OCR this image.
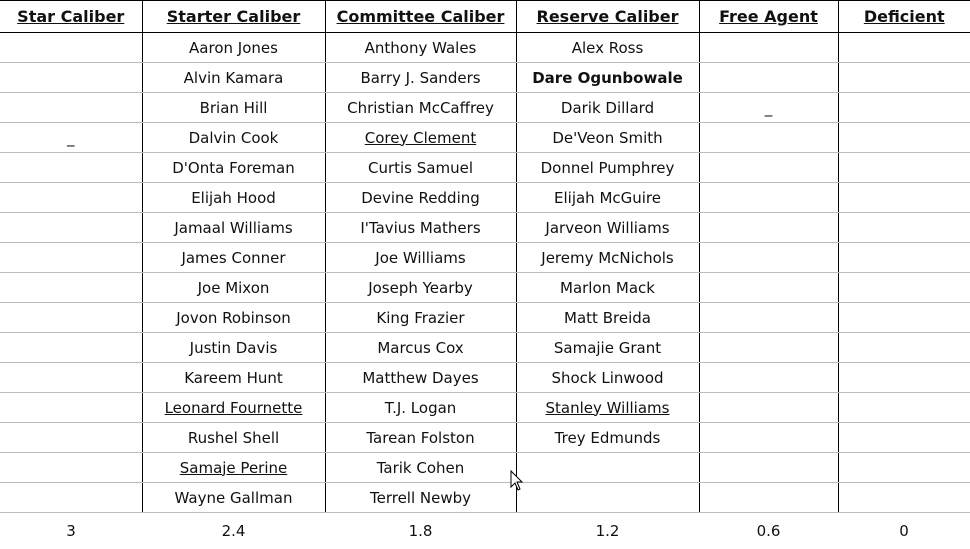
Star Caliber	Starter Caliber	Committee Caliber	Reserve Caliber	Free Agent	Deficient
	Aaron Jones	Anthony Wales	Alex Ross		
	Alvin Kamara	Barry J. Sanders	Dare Ogunbowale		
	Brian Hill	Christian McCaffrey	Darik Dillard	_	
_	Dalvin Cook	Corey Clement	De'Veon Smith		
	D'Onta Foreman	Curtis Samuel	Donnel Pumphrey		
	Elijah Hood	Devine Redding	Elijah McGuire		
	Jamaal Williams	I'Tavius Mathers	Jarveon Williams		
	James Conner	Joe Williams	Jeremy McNichols		
	Joe Mixon	Joseph Yearby	Marlon Mack		
	Jovon Robinson	King Frazier	Matt Breida		
	Justin Davis	Marcus Cox	Samajie Grant		
	Kareem Hunt	Matthew Dayes	Shock Linwood		
	Leonard Fournette	T.J. Logan	Stanley Williams		
	Rushel Shell	Tarean Folston	Trey Edmunds		
	Samaje Perine	Tarik Cohen			
	Wayne Gallman	Terrell Newby			
3	2.4	1.8	1.2	0.6	0
